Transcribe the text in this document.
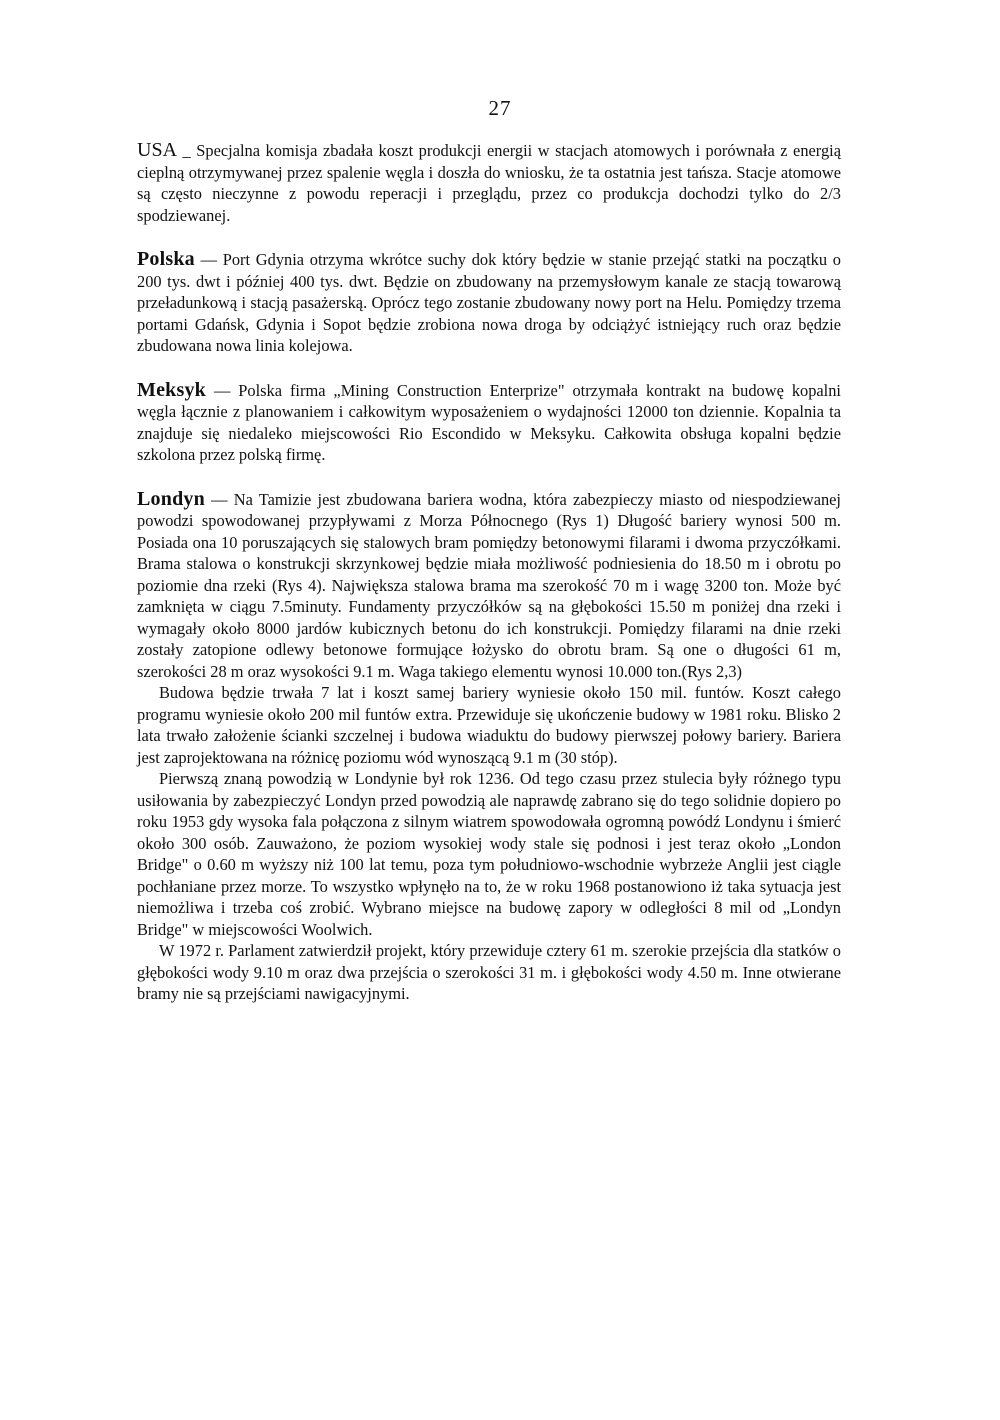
27

USA _ Specjalna komisja zbadała koszt produkcji energii w stacjach atomowych i porównała z energią cieplną otrzymywanej przez spalenie węgla i doszła do wniosku, że ta ostatnia jest tańsza. Stacje atomowe są często nieczynne z powodu reperacji i przeglądu, przez co produkcja dochodzi tylko do 2/3 spodziewanej.

Polska — Port Gdynia otrzyma wkrótce suchy dok który będzie w stanie przejąć statki na początku o 200 tys. dwt i później 400 tys. dwt. Będzie on zbudowany na przemysłowym kanale ze stacją towarową przeładunkową i stacją pasażerską. Oprócz tego zostanie zbudowany nowy port na Helu. Pomiędzy trzema portami Gdańsk, Gdynia i Sopot będzie zrobiona nowa droga by odciążyć istniejący ruch oraz będzie zbudowana nowa linia kolejowa.

Meksyk — Polska firma „Mining Construction Enterprize" otrzymała kontrakt na budowę kopalni węgla łącznie z planowaniem i całkowitym wyposażeniem o wydajności 12000 ton dziennie. Kopalnia ta znajduje się niedaleko miejscowości Rio Escondido w Meksyku. Całkowita obsługa kopalni będzie szkolona przez polską firmę.

Londyn — Na Tamizie jest zbudowana bariera wodna, która zabezpieczy miasto od niespodziewanej powodzi spowodowanej przypływami z Morza Północnego (Rys 1) Długość bariery wynosi 500 m. Posiada ona 10 poruszających się stalowych bram pomiędzy betonowymi filarami i dwoma przyczółkami. Brama stalowa o konstrukcji skrzynkowej będzie miała możliwość podniesienia do 18.50 m i obrotu po poziomie dna rzeki (Rys 4). Największa stalowa brama ma szerokość 70 m i wagę 3200 ton. Może być zamknięta w ciągu 7.5minuty. Fundamenty przyczółków są na głębokości 15.50 m poniżej dna rzeki i wymagały około 8000 jardów kubicznych betonu do ich konstrukcji. Pomiędzy filarami na dnie rzeki zostały zatopione odlewy betonowe formujące łożysko do obrotu bram. Są one o długości 61 m, szerokości 28 m oraz wysokości 9.1 m. Waga takiego elementu wynosi 10.000 ton.(Rys 2,3)

Budowa będzie trwała 7 lat i koszt samej bariery wyniesie około 150 mil. funtów. Koszt całego programu wyniesie około 200 mil funtów extra. Przewiduje się ukończenie budowy w 1981 roku. Blisko 2 lata trwało założenie ścianki szczelnej i budowa wiaduktu do budowy pierwszej połowy bariery. Bariera jest zaprojektowana na różnicę poziomu wód wynoszącą 9.1 m (30 stóp).

Pierwszą znaną powodzią w Londynie był rok 1236. Od tego czasu przez stulecia były różnego typu usiłowania by zabezpieczyć Londyn przed powodzią ale naprawdę zabrano się do tego solidnie dopiero po roku 1953 gdy wysoka fala połączona z silnym wiatrem spowodowała ogromną powódź Londynu i śmierć około 300 osób. Zauważono, że poziom wysokiej wody stale się podnosi i jest teraz około „London Bridge" o 0.60 m wyższy niż 100 lat temu, poza tym południowo-wschodnie wybrzeże Anglii jest ciągle pochłaniane przez morze. To wszystko wpłynęło na to, że w roku 1968 postanowiono iż taka sytuacja jest niemożliwa i trzeba coś zrobić. Wybrano miejsce na budowę zapory w odległości 8 mil od „Londyn Bridge" w miejscowości Woolwich.

W 1972 r. Parlament zatwierdził projekt, który przewiduje cztery 61 m. szerokie przejścia dla statków o głębokości wody 9.10 m oraz dwa przejścia o szerokości 31 m. i głębokości wody 4.50 m. Inne otwierane bramy nie są przejściami nawigacyjnymi.
